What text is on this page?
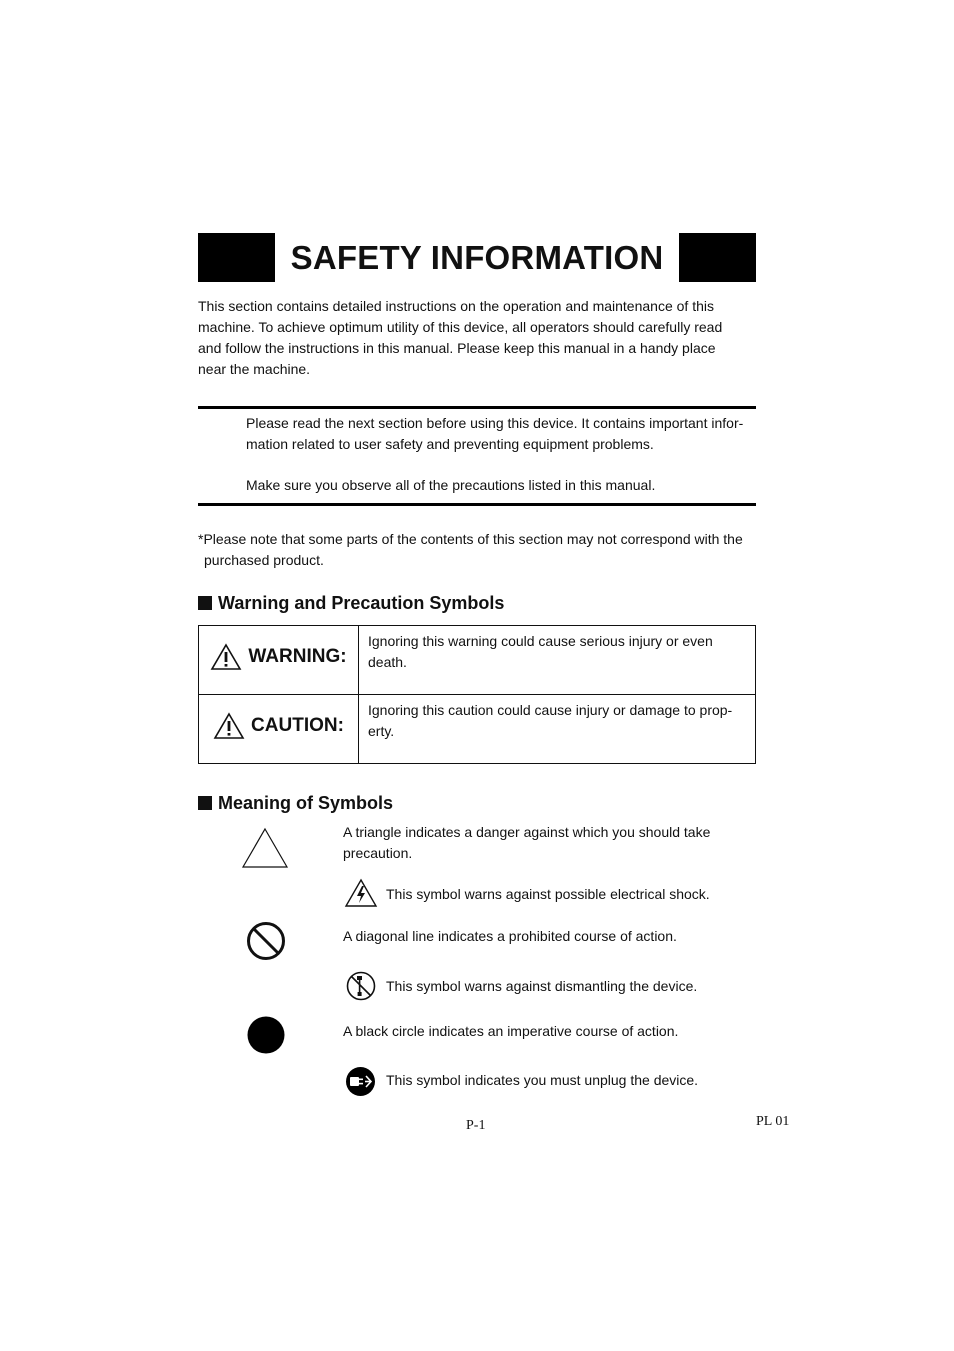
SAFETY INFORMATION
This section contains detailed instructions on the operation and maintenance of this
machine. To achieve optimum utility of this device, all operators should carefully read
and follow the instructions in this manual. Please keep this manual in a handy place
near the machine.
Please read the next section before using this device. It contains important infor-
mation related to user safety and preventing equipment problems.
Make sure you observe all of the precautions listed in this manual.
*Please note that some parts of the contents of this section may not correspond with the
purchased product.
Warning and Precaution Symbols
WARNING:	Ignoring this warning could cause serious injury or even
death.

CAUTION:	Ignoring this caution could cause injury or damage to prop-
erty.
Meaning of Symbols
A triangle indicates a danger against which you should take
precaution.
This symbol warns against possible electrical shock.
A diagonal line indicates a prohibited course of action.
This symbol warns against dismantling the device.
A black circle indicates an imperative course of action.
This symbol indicates you must unplug the device.
P-1	PL 01
